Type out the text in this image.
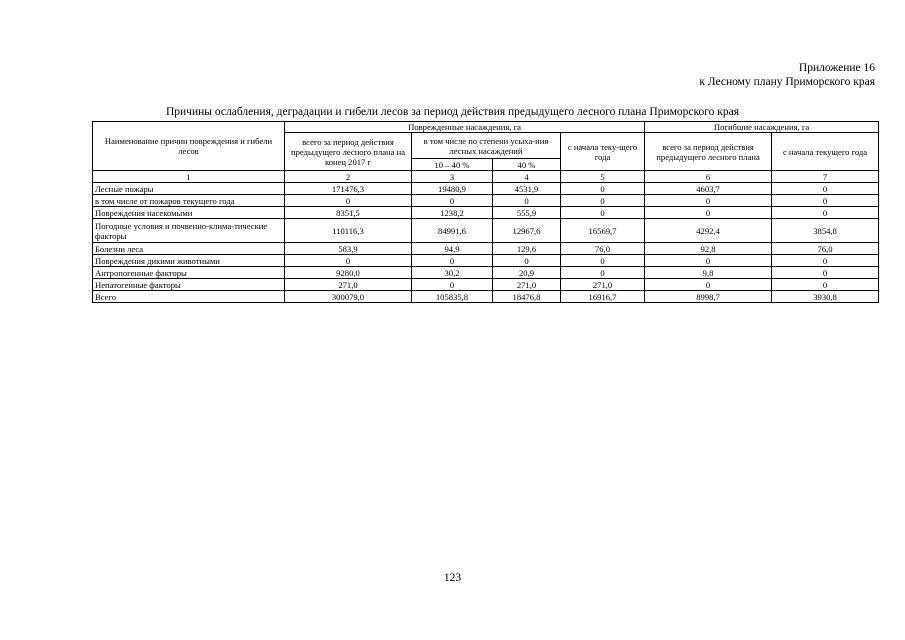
Приложение 16
к Лесному плану Приморского края
Причины ослабления, деградации и гибели лесов за период действия предыдущего лесного плана Приморского края
Наименование причин повреждения и гибели лесов	Поврежденные насаждения, га				Погибшие насаждения, га	
	всего за период действия предыдущего лесного плана на конец 2017 г	в том числе по степени усыха-ния лесных насаждений		с начала теку-щего года	всего за период действия предыдущего лесного плана	с начала текущего года
		10 – 40 %	40 %			
1	2	3	4	5	6	7
Лесные пожары	171476,3	19480,9	4531,9	0	4603,7	0
в том числе от пожаров текущего года	0	0	0	0	0	0
Повреждения насекомыми	8351,5	1238,2	555,9	0	0	0
Погодные условия и почвенно-клима-тические факторы	110116,3	84991,6	12967,6	16569,7	4292,4	3854,8
Болезни леса	583,9	94,9	129,6	76,0	92,8	76,0
Повреждения дикими животными	0	0	0	0	0	0
Антропогенные факторы	9280,0	30,2	20,9	0	9,8	0
Непатогенные факторы	271,0	0	271,0	271,0	0	0
Всего	300079,0	105835,8	18476,8	16916,7	8998,7	3930,8
123
